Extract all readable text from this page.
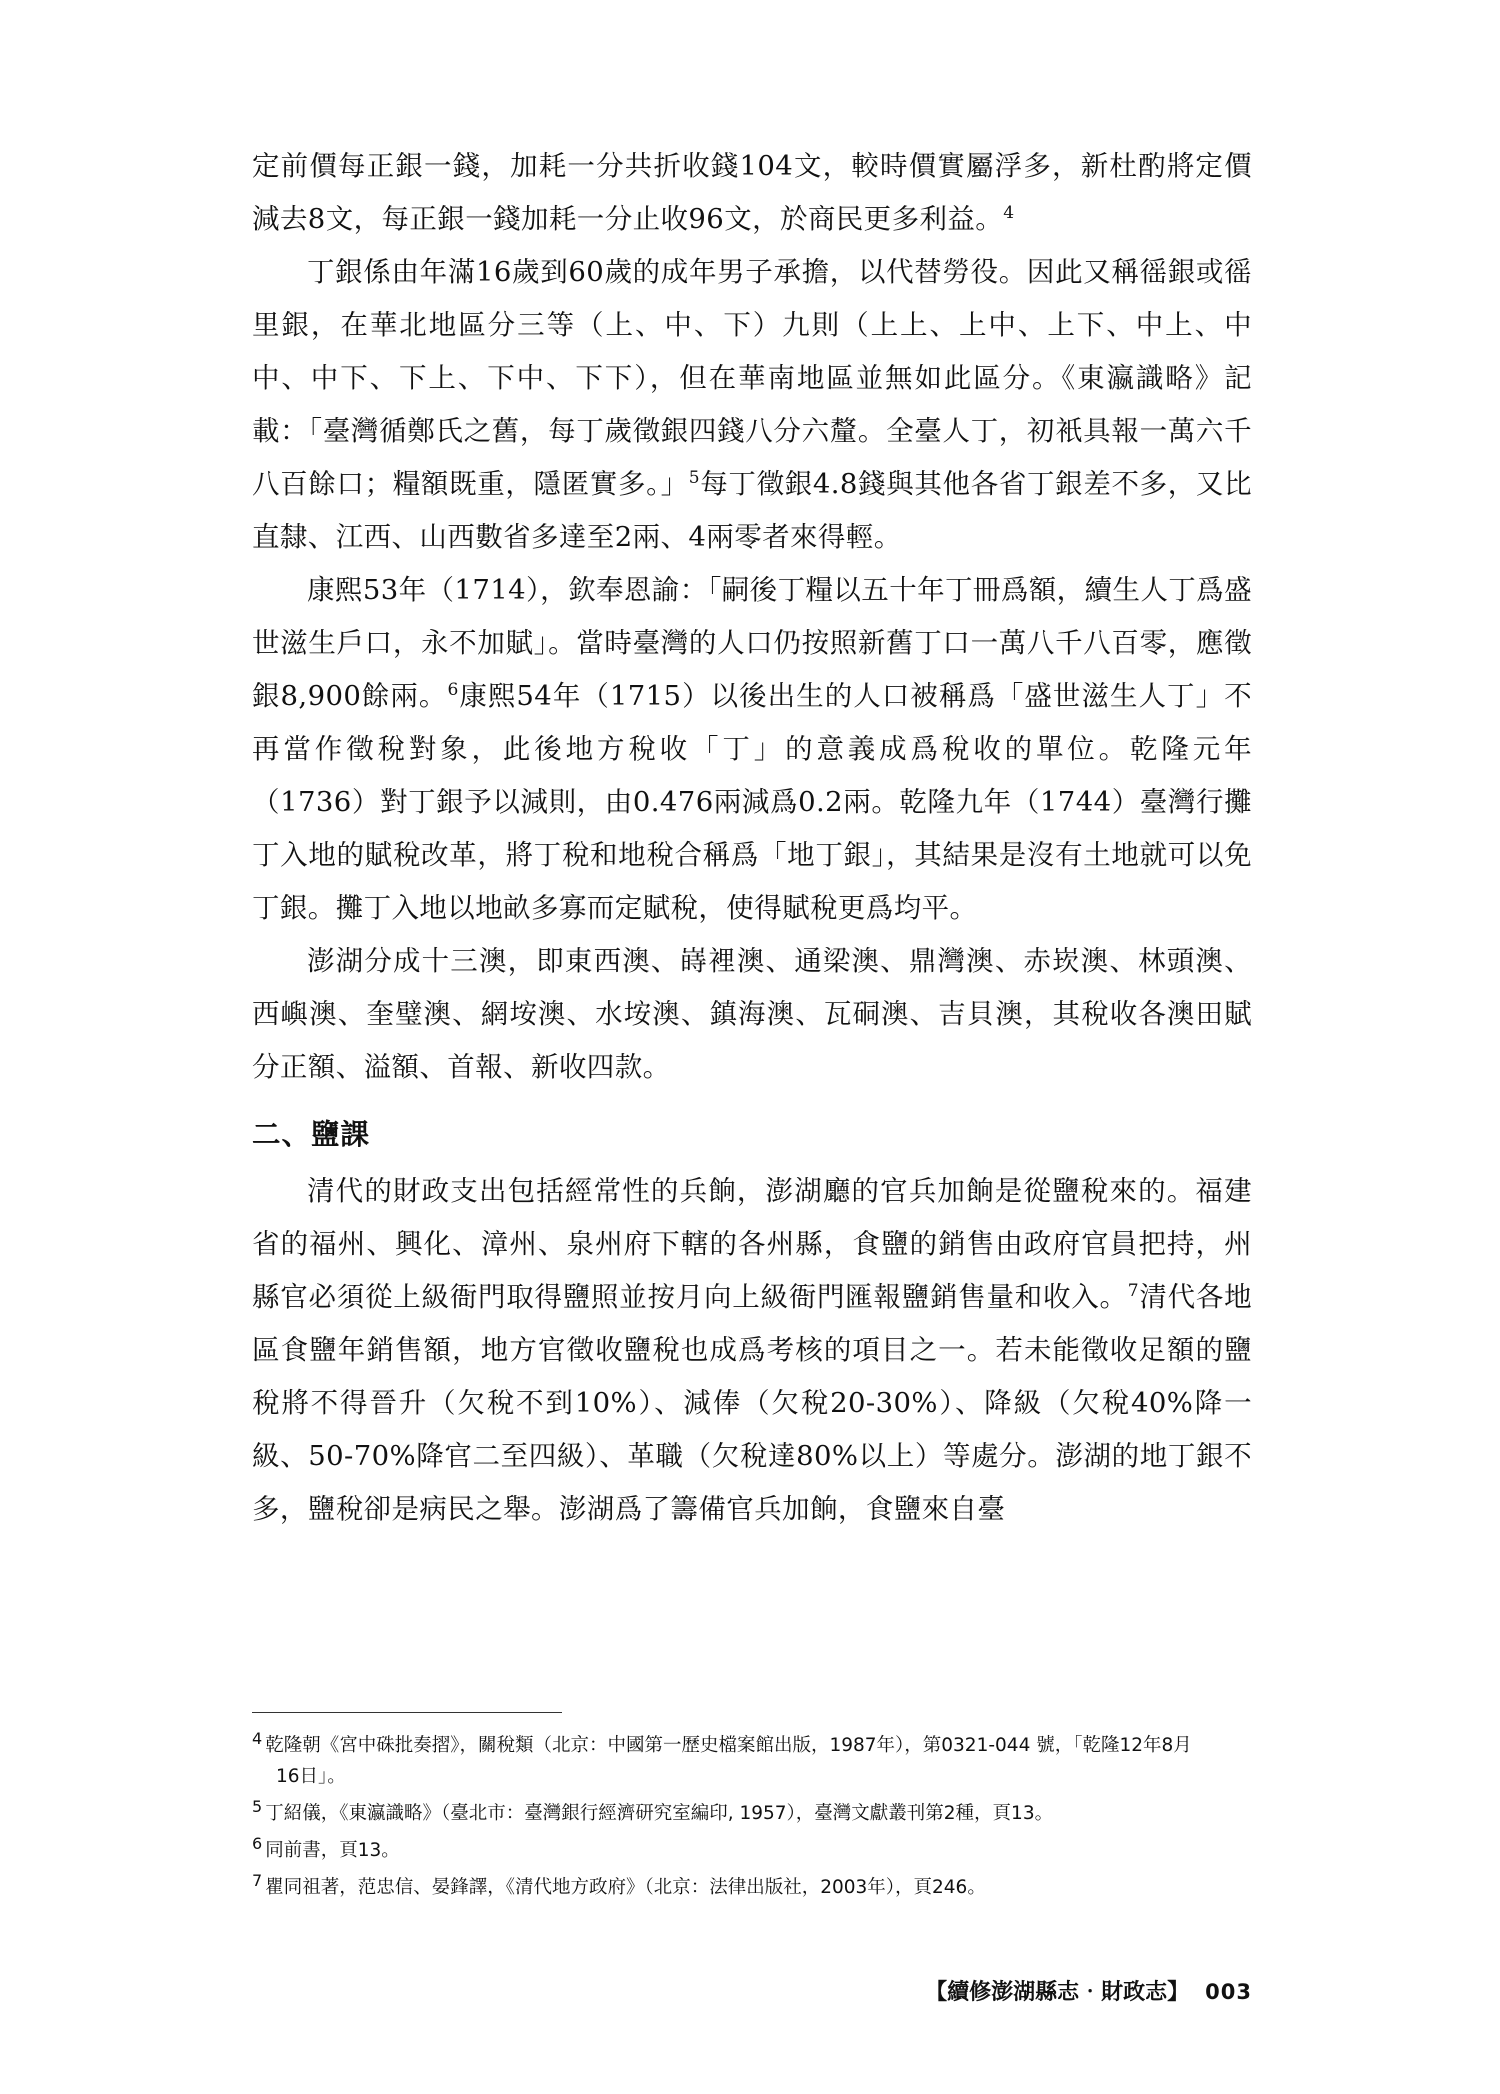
定前價每正銀一錢，加耗一分共折收錢104文，較時價實屬浮多，新杜酌將定價減去8文，每正銀一錢加耗一分止收96文，於商民更多利益。$^4$

丁銀係由年滿16歲到60歲的成年男子承擔，以代替勞役。因此又稱徭銀或徭里銀，在華北地區分三等（上、中、下）九則（上上、上中、上下、中上、中中、中下、下上、下中、下下），但在華南地區並無如此區分。《東瀛識略》記載：「臺灣循鄭氏之舊，每丁歲徵銀四錢八分六釐。全臺人丁，初衹具報一萬六千八百餘口；糧額既重，隱匿實多。」$^5$每丁徵銀4.8錢與其他各省丁銀差不多，又比直隸、江西、山西數省多達至2兩、4兩零者來得輕。

康熙53年（1714），欽奉恩諭：「嗣後丁糧以五十年丁冊爲額，續生人丁爲盛世滋生戶口，永不加賦」。當時臺灣的人口仍按照新舊丁口一萬八千八百零，應徵銀8,900餘兩。$^6$康熙54年（1715）以後出生的人口被稱爲「盛世滋生人丁」不再當作徵稅對象，此後地方稅收「丁」的意義成爲稅收的單位。乾隆元年（1736）對丁銀予以減則，由0.476兩減爲0.2兩。乾隆九年（1744）臺灣行攤丁入地的賦稅改革，將丁稅和地稅合稱爲「地丁銀」，其結果是沒有土地就可以免丁銀。攤丁入地以地畝多寡而定賦稅，使得賦稅更爲均平。

澎湖分成十三澳，即東西澳、嵵裡澳、通梁澳、鼎灣澳、赤崁澳、林頭澳、西嶼澳、奎璧澳、網垵澳、水垵澳、鎮海澳、瓦硐澳、吉貝澳，其稅收各澳田賦分正額、溢額、首報、新收四款。

二、鹽課

清代的財政支出包括經常性的兵餉，澎湖廳的官兵加餉是從鹽稅來的。福建省的福州、興化、漳州、泉州府下轄的各州縣，食鹽的銷售由政府官員把持，州縣官必須從上級衙門取得鹽照並按月向上級衙門匯報鹽銷售量和收入。$^7$清代各地區食鹽年銷售額，地方官徵收鹽稅也成爲考核的項目之一。若未能徵收足額的鹽稅將不得晉升（欠稅不到10%）、減俸（欠稅20-30%）、降級（欠稅40%降一級、50-70%降官二至四級）、革職（欠稅達80%以上）等處分。澎湖的地丁銀不多，鹽稅卻是病民之舉。澎湖爲了籌備官兵加餉，食鹽來自臺

4 乾隆朝《宮中硃批奏摺》，關稅類（北京：中國第一歷史檔案館出版，1987年），第0321-044 號，「乾隆12年8月
16日」。

5 丁紹儀，《東瀛識略》（臺北市：臺灣銀行經濟研究室編印, 1957），臺灣文獻叢刊第2種，頁13。

6 同前書，頁13。

7 瞿同祖著，范忠信、晏鋒譯，《清代地方政府》（北京：法律出版社，2003年），頁246。

【續修澎湖縣志‧財政志】 003
